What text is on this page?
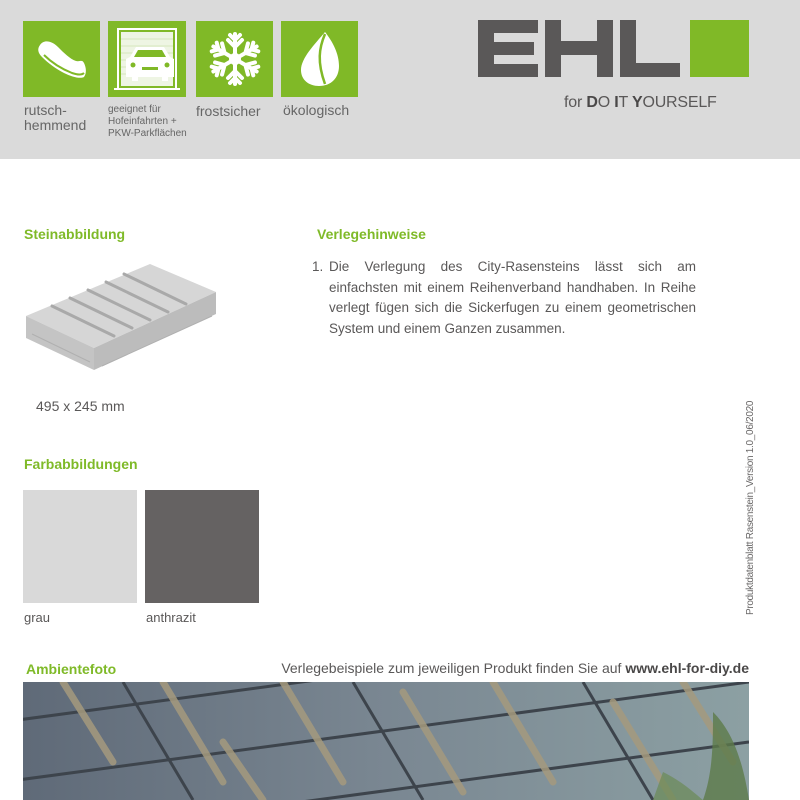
rutsch-
hemmend
geeignet für
Hofeinfahrten +
PKW-Parkflächen
frostsicher ökologisch	for DO IT YOURSELF
Steinabbildung
495 x 245 mm
Verlegehinweise
1. Die Verlegung des City-Rasensteins lässt sich am einfachsten mit einem Reihenverband handhaben. In Reihe verlegt fügen sich die Sickerfugen zu einem geometrischen System und einem Ganzen zusammen.
Produktdatenblatt Rasenstein_Version 1.0_06/2020
Farbabbildungen
grau	anthrazit
Ambientefoto	Verlegebeispiele zum jeweiligen Produkt finden Sie auf www.ehl-for-diy.de
